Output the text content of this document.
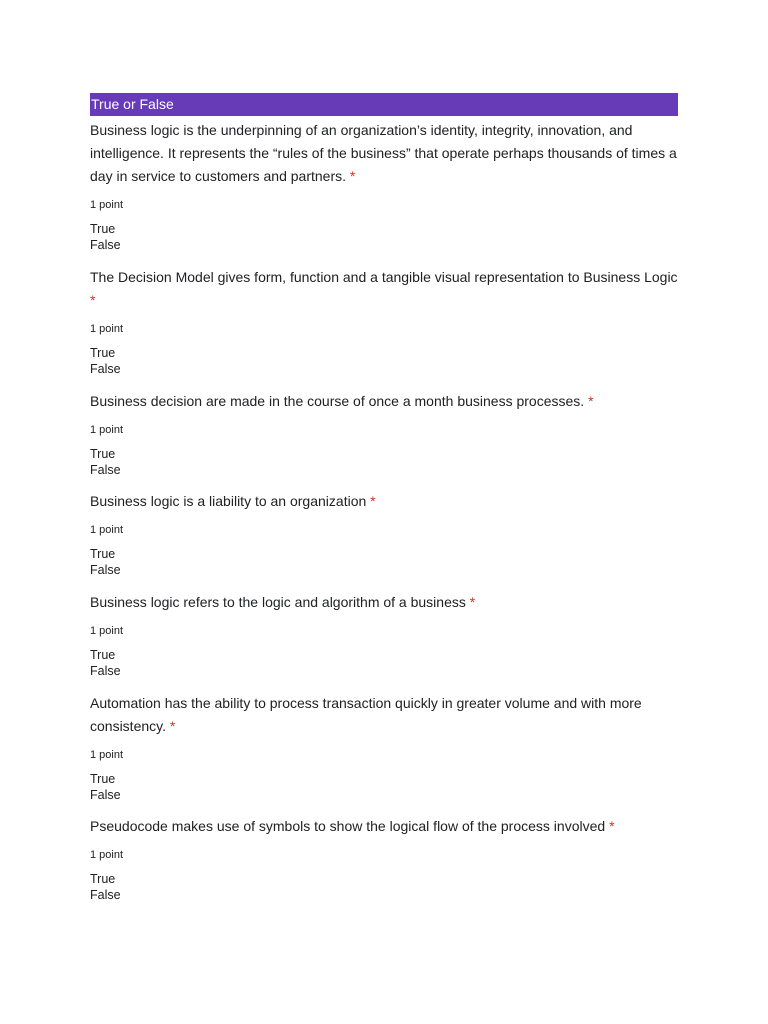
True or False

Business logic is the underpinning of an organization’s identity, integrity, innovation, and intelligence. It represents the “rules of the business” that operate perhaps thousands of times a day in service to customers and partners. *

1 point
True
False

The Decision Model gives form, function and a tangible visual representation to Business Logic *

1 point
True
False

Business decision are made in the course of once a month business processes. *

1 point
True
False

Business logic is a liability to an organization *

1 point
True
False

Business logic refers to the logic and algorithm of a business *

1 point
True
False

Automation has the ability to process transaction quickly in greater volume and with more consistency. *

1 point
True
False

Pseudocode makes use of symbols to show the logical flow of the process involved *

1 point
True
False
